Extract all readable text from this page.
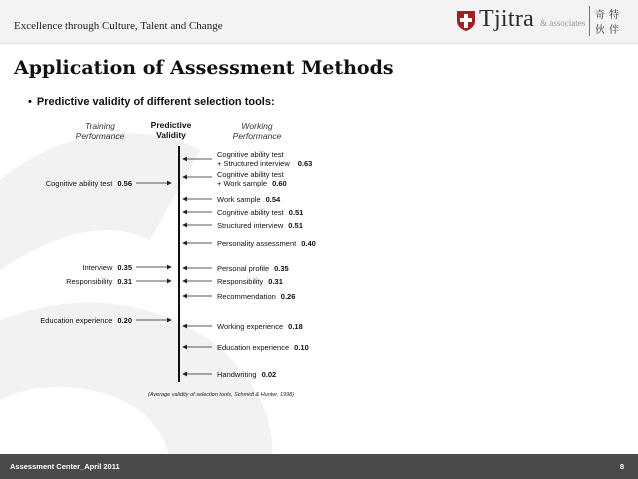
Excellence through Culture, Talent and Change	Tjitra & associates
奇特
伙伴
Application of Assessment Methods
• Predictive validity of different selection tools:
Training
Performance
Predictive
Validity
Working
Performance
Cognitive ability test 0.56
Interview 0.35
Responsibility 0.31
Education experience 0.20
Cognitive ability test
+ Structured interview 0.63
Cognitive ability test
+ Work sample 0.60
Work sample 0.54
Cognitive ability test 0.51
Structured interview 0.51
Personality assessment 0.40
Personal profile 0.35
Responsibility 0.31
Recommendation 0.26
Working experience 0.18
Education experience 0.10
Handwriting 0.02
(Average validity of selection tools, Schmidt & Hunter, 1998)
Assessment Center_April 2011	8
